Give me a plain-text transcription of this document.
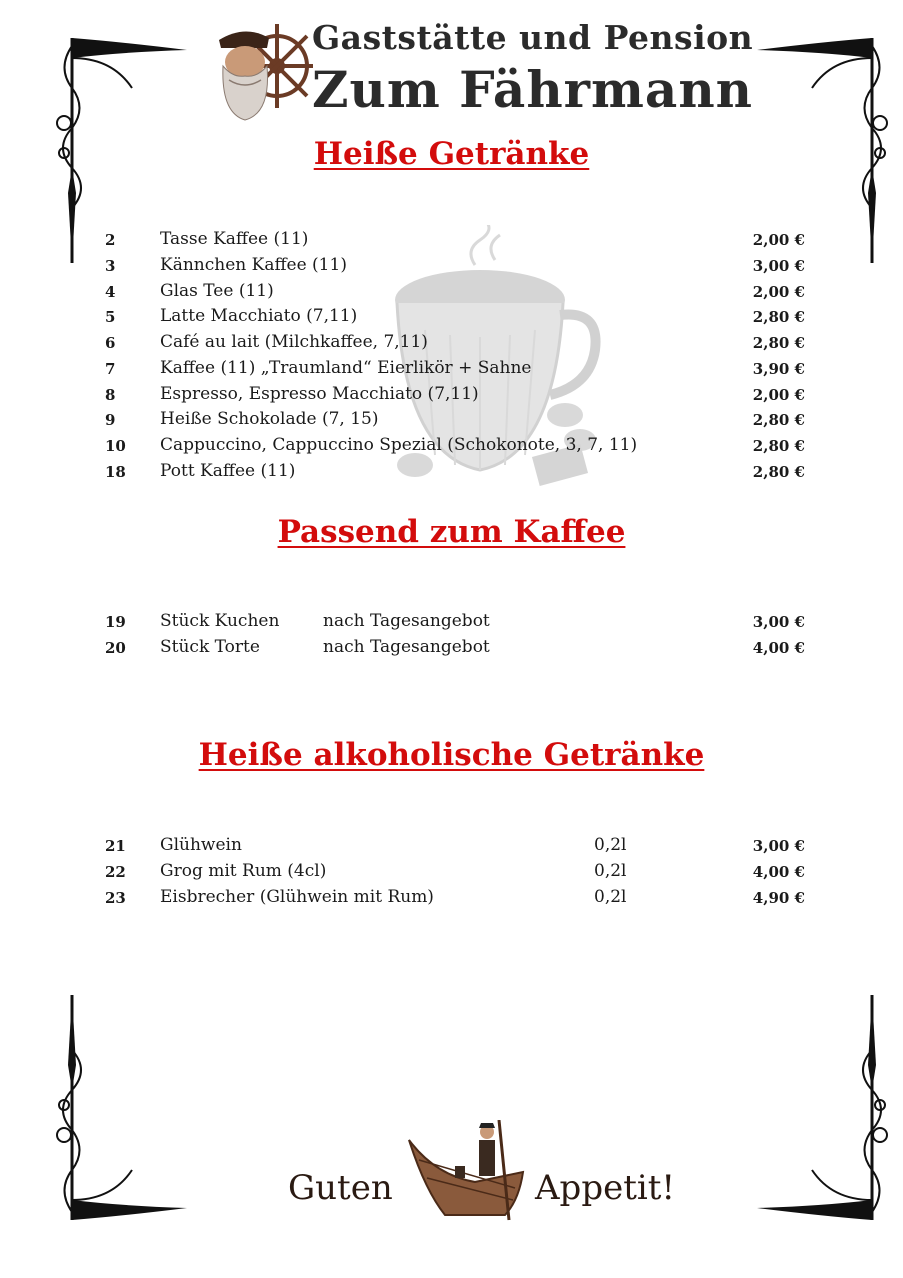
Gaststätte und Pension
Zum Fährmann
Heiße Getränke
2	Tasse Kaffee (11)	2,00 €
3	Kännchen Kaffee (11)	3,00 €
4	Glas Tee (11)	2,00 €
5	Latte Macchiato (7,11)	2,80 €
6	Café au lait (Milchkaffee, 7,11)	2,80 €
7	Kaffee (11) „Traumland“ Eierlikör + Sahne	3,90 €
8	Espresso, Espresso Macchiato (7,11)	2,00 €
9	Heiße Schokolade (7, 15)	2,80 €
10 Cappuccino, Cappuccino Spezial (Schokonote, 3, 7, 11)	2,80 €
18 Pott Kaffee (11)	2,80 €
Passend zum Kaffee
19 Stück Kuchen	nach Tagesangebot	3,00 €
20 Stück Torte	nach Tagesangebot	4,00 €
Heiße alkoholische Getränke
21 Glühwein	0,2l	3,00 €
22 Grog mit Rum (4cl)	0,2l	4,00 €
23 Eisbrecher (Glühwein mit Rum)	0,2l	4,90 €
Guten	Appetit!
